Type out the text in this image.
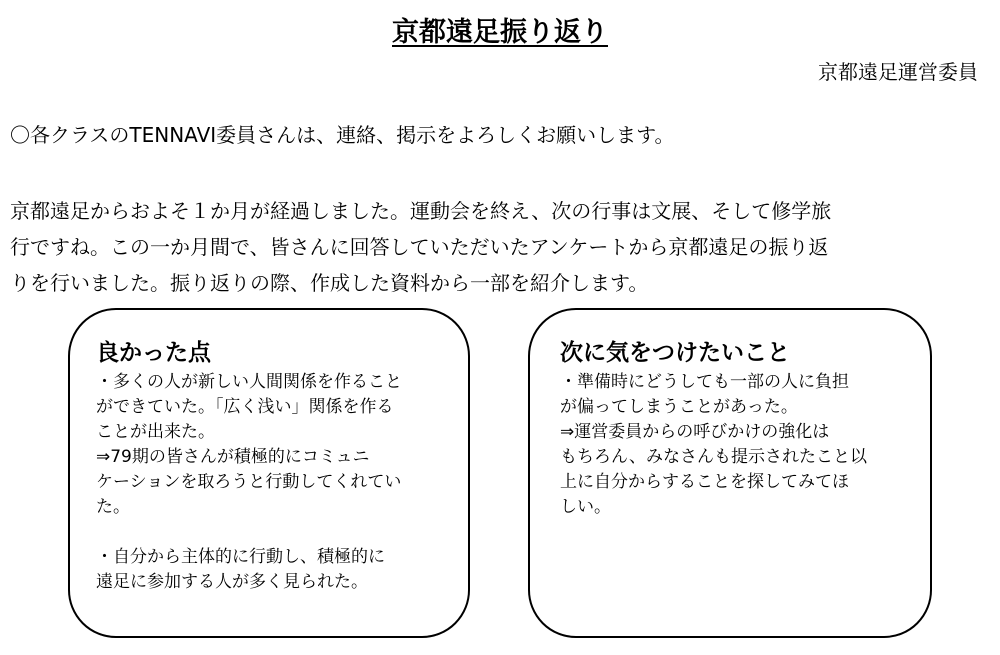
京都遠足振り返り

京都遠足運営委員

〇各クラスのTENNAVI委員さんは、連絡、掲示をよろしくお願いします。

京都遠足からおよそ１か月が経過しました。運動会を終え、次の行事は文展、そして修学旅
行ですね。この一か月間で、皆さんに回答していただいたアンケートから京都遠足の振り返
りを行いました。振り返りの際、作成した資料から一部を紹介します。

良かった点

・多くの人が新しい人間関係を作ること

ができていた。「広く浅い」関係を作る

ことが出来た。

⇒79期の皆さんが積極的にコミュニ

ケーションを取ろうと行動してくれてい

た。

・自分から主体的に行動し、積極的に

遠足に参加する人が多く見られた。

次に気をつけたいこと

・準備時にどうしても一部の人に負担

が偏ってしまうことがあった。

⇒運営委員からの呼びかけの強化は

もちろん、みなさんも提示されたこと以

上に自分からすることを探してみてほ

しい。
